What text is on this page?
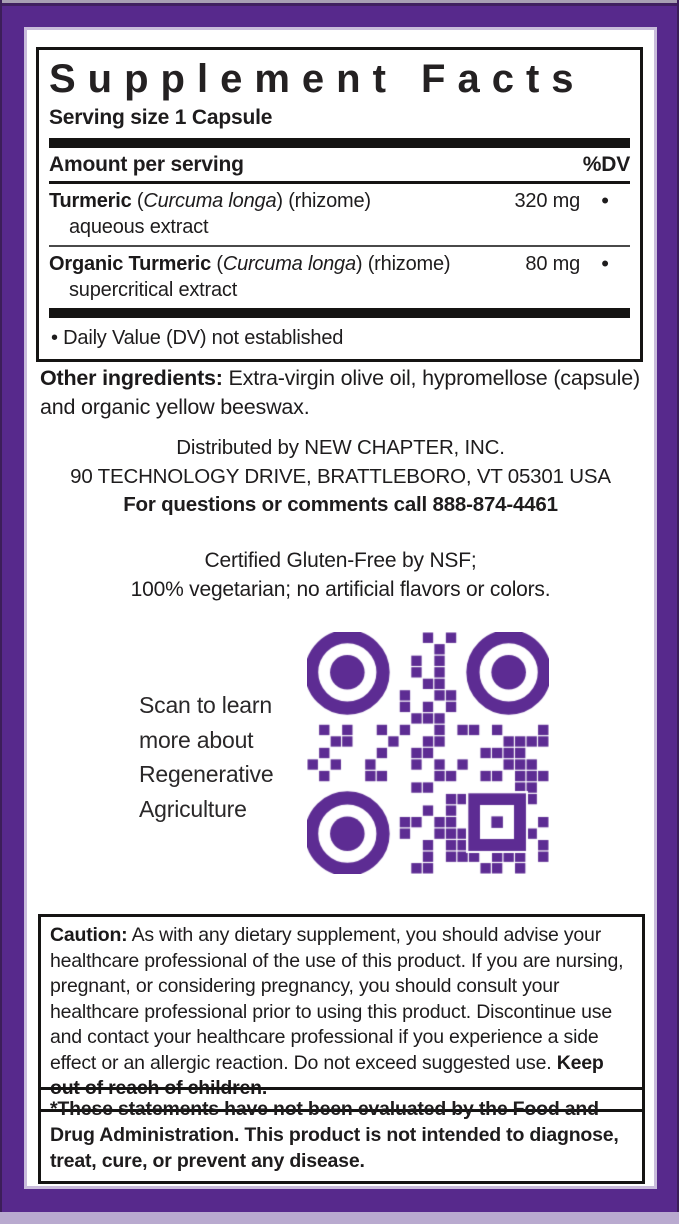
Supplement Facts
Serving size 1 Capsule
Amount per serving	%DV
Turmeric (Curcuma longa) (rhizome)
aqueous extract
320 mg •
Organic Turmeric (Curcuma longa) (rhizome)
supercritical extract
80 mg •
• Daily Value (DV) not established
Other ingredients: Extra-virgin olive oil, hypromellose (capsule) and organic yellow beeswax.
Distributed by NEW CHAPTER, INC.
90 TECHNOLOGY DRIVE, BRATTLEBORO, VT 05301 USA
For questions or comments call 888-874-4461
Certified Gluten-Free by NSF;
100% vegetarian; no artificial flavors or colors.
Scan to learn
more about
Regenerative
Agriculture
Caution: As with any dietary supplement, you should advise your healthcare professional of the use of this product. If you are nursing, pregnant, or considering pregnancy, you should consult your healthcare professional prior to using this product. Discontinue use and contact your healthcare professional if you experience a side effect or an allergic reaction. Do not exceed suggested use. Keep out of reach of children.
*These statements have not been evaluated by the Food and Drug Administration. This product is not intended to diagnose, treat, cure, or prevent any disease.
